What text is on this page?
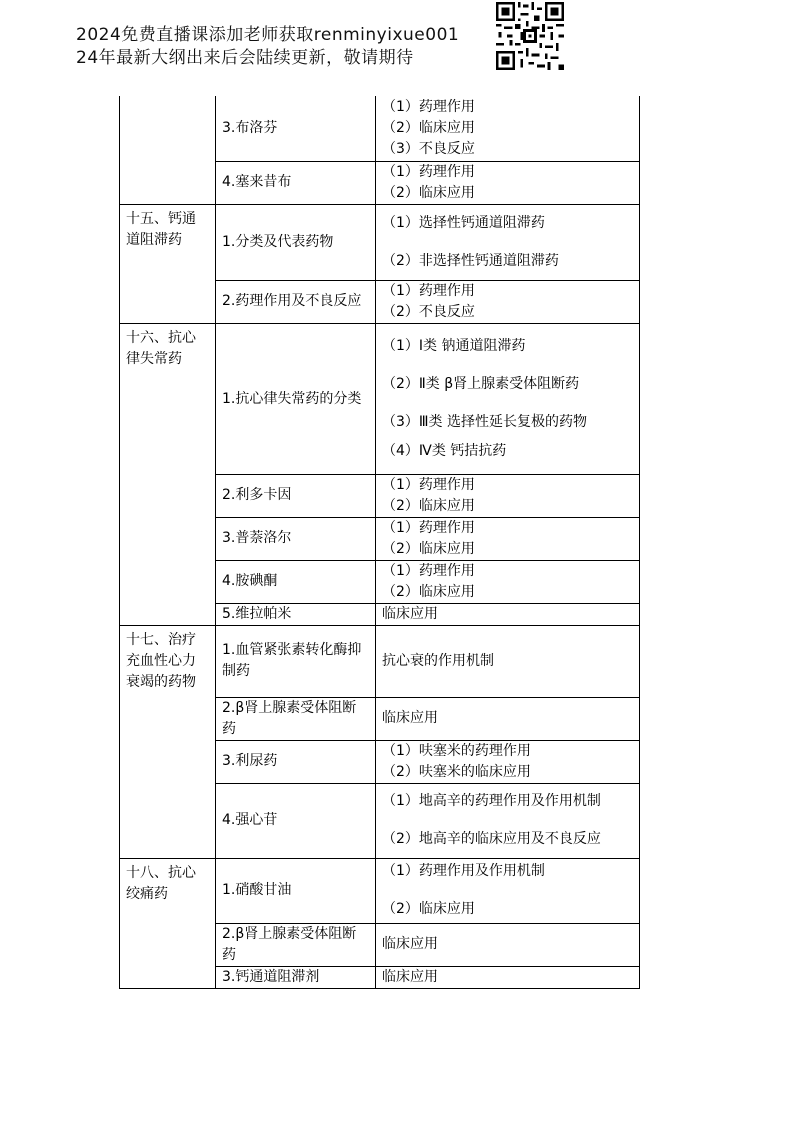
2024免费直播课添加老师获取renminyixue001
24年最新大纲出来后会陆续更新，敬请期待
	3.布洛芬	（1）药理作用
（2）临床应用
（3）不良反应

	4.塞来昔布	（1）药理作用
（2）临床应用

十五、钙通道阻滞药	1.分类及代表药物	（1）选择性钙通道阻滞药
（2）非选择性钙通道阻滞药

	2.药理作用及不良反应	（1）药理作用
（2）不良反应

十六、抗心律失常药	1.抗心律失常药的分类	（1）Ⅰ类 钠通道阻滞药
（2）Ⅱ类 β肾上腺素受体阻断药
（3）Ⅲ类 选择性延长复极的药物
（4）Ⅳ类 钙拮抗药

	2.利多卡因	（1）药理作用
（2）临床应用

	3.普萘洛尔	（1）药理作用
（2）临床应用

	4.胺碘酮	（1）药理作用
（2）临床应用

	5.维拉帕米	临床应用

十七、治疗充血性心力衰竭的药物	1.血管紧张素转化酶抑制药	抗心衰的作用机制

	2.β肾上腺素受体阻断药	临床应用

	3.利尿药	（1）呋塞米的药理作用
（2）呋塞米的临床应用

	4.强心苷	（1）地高辛的药理作用及作用机制
（2）地高辛的临床应用及不良反应

十八、抗心绞痛药	1.硝酸甘油	（1）药理作用及作用机制
（2）临床应用

	2.β肾上腺素受体阻断药	临床应用

	3.钙通道阻滞剂	临床应用
